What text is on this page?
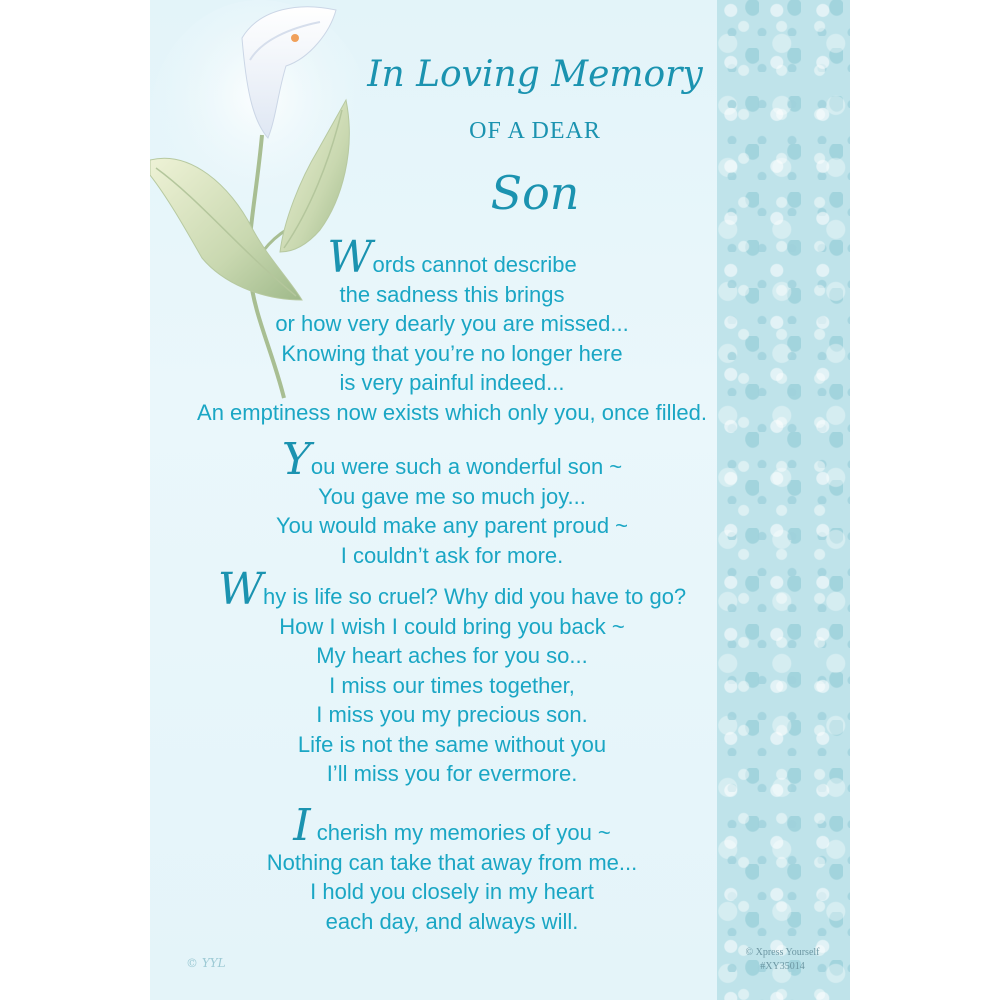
In Loving Memory
OF A DEAR
Son

Words cannot describe
the sadness this brings
or how very dearly you are missed...
Knowing that you’re no longer here
is very painful indeed...
An emptiness now exists which only you, once filled.

You were such a wonderful son ~
You gave me so much joy...
You would make any parent proud ~
I couldn’t ask for more.

Why is life so cruel? Why did you have to go?
How I wish I could bring you back ~
My heart aches for you so...
I miss our times together,
I miss you my precious son.
Life is not the same without you
I’ll miss you for evermore.

I cherish my memories of you ~
Nothing can take that away from me...
I hold you closely in my heart
each day, and always will.

© YYL
© Xpress Yourself
#XY35014
